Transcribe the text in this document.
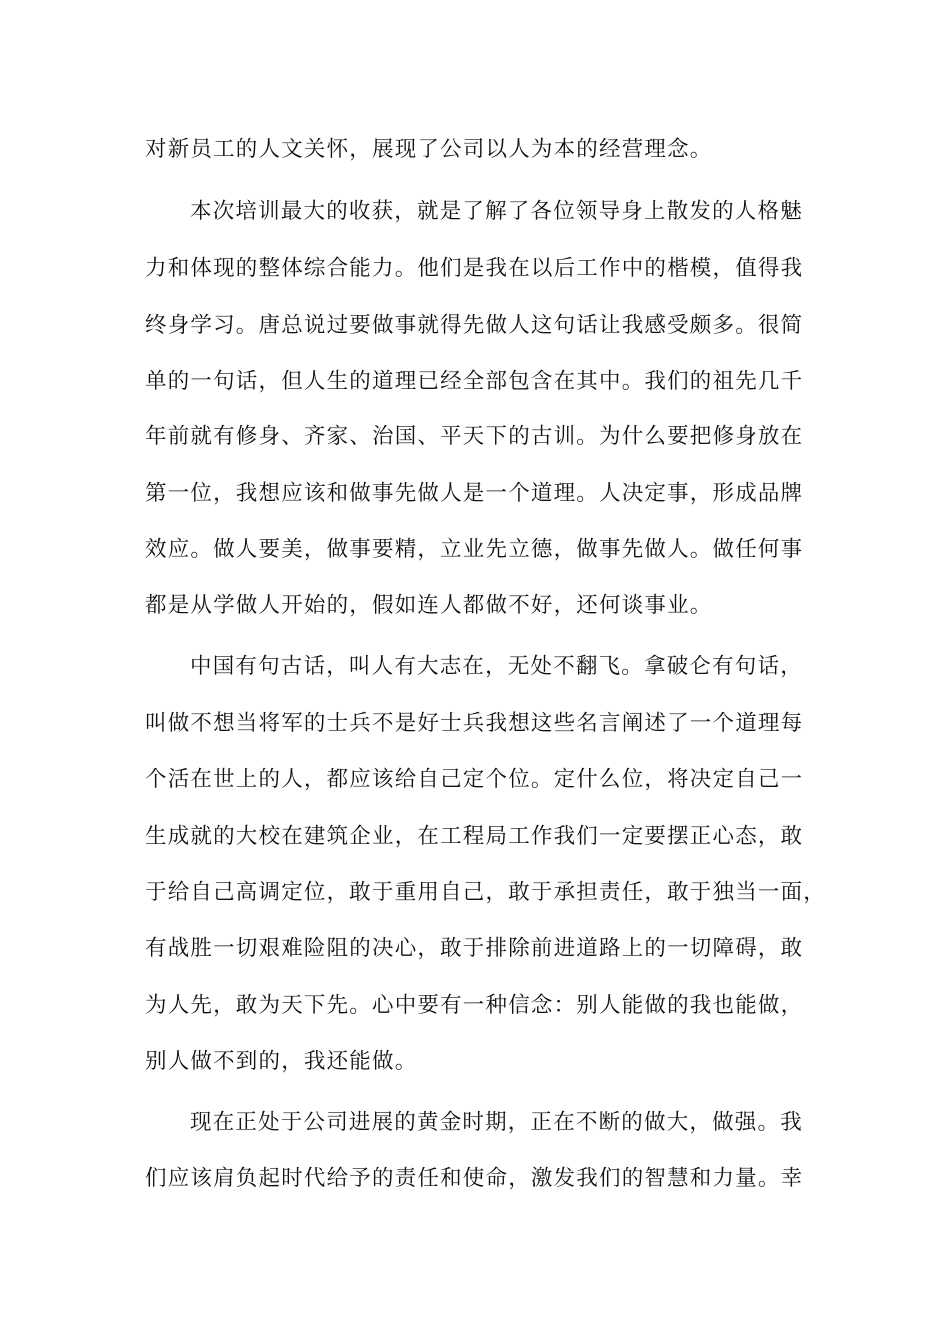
对新员工的人文关怀，展现了公司以人为本的经营理念。
本次培训最大的收获，就是了解了各位领导身上散发的人格魅
力和体现的整体综合能力。他们是我在以后工作中的楷模，值得我
终身学习。唐总说过要做事就得先做人这句话让我感受颇多。很简
单的一句话，但人生的道理已经全部包含在其中。我们的祖先几千
年前就有修身、齐家、治国、平天下的古训。为什么要把修身放在
第一位，我想应该和做事先做人是一个道理。人决定事，形成品牌
效应。做人要美，做事要精，立业先立德，做事先做人。做任何事
都是从学做人开始的，假如连人都做不好，还何谈事业。
中国有句古话，叫人有大志在，无处不翻飞。拿破仑有句话，
叫做不想当将军的士兵不是好士兵我想这些名言阐述了一个道理每
个活在世上的人，都应该给自己定个位。定什么位，将决定自己一
生成就的大校在建筑企业，在工程局工作我们一定要摆正心态，敢
于给自己高调定位，敢于重用自己，敢于承担责任，敢于独当一面，
有战胜一切艰难险阻的决心，敢于排除前进道路上的一切障碍，敢
为人先，敢为天下先。心中要有一种信念：别人能做的我也能做，
别人做不到的，我还能做。
现在正处于公司进展的黄金时期，正在不断的做大，做强。我
们应该肩负起时代给予的责任和使命，激发我们的智慧和力量。幸
